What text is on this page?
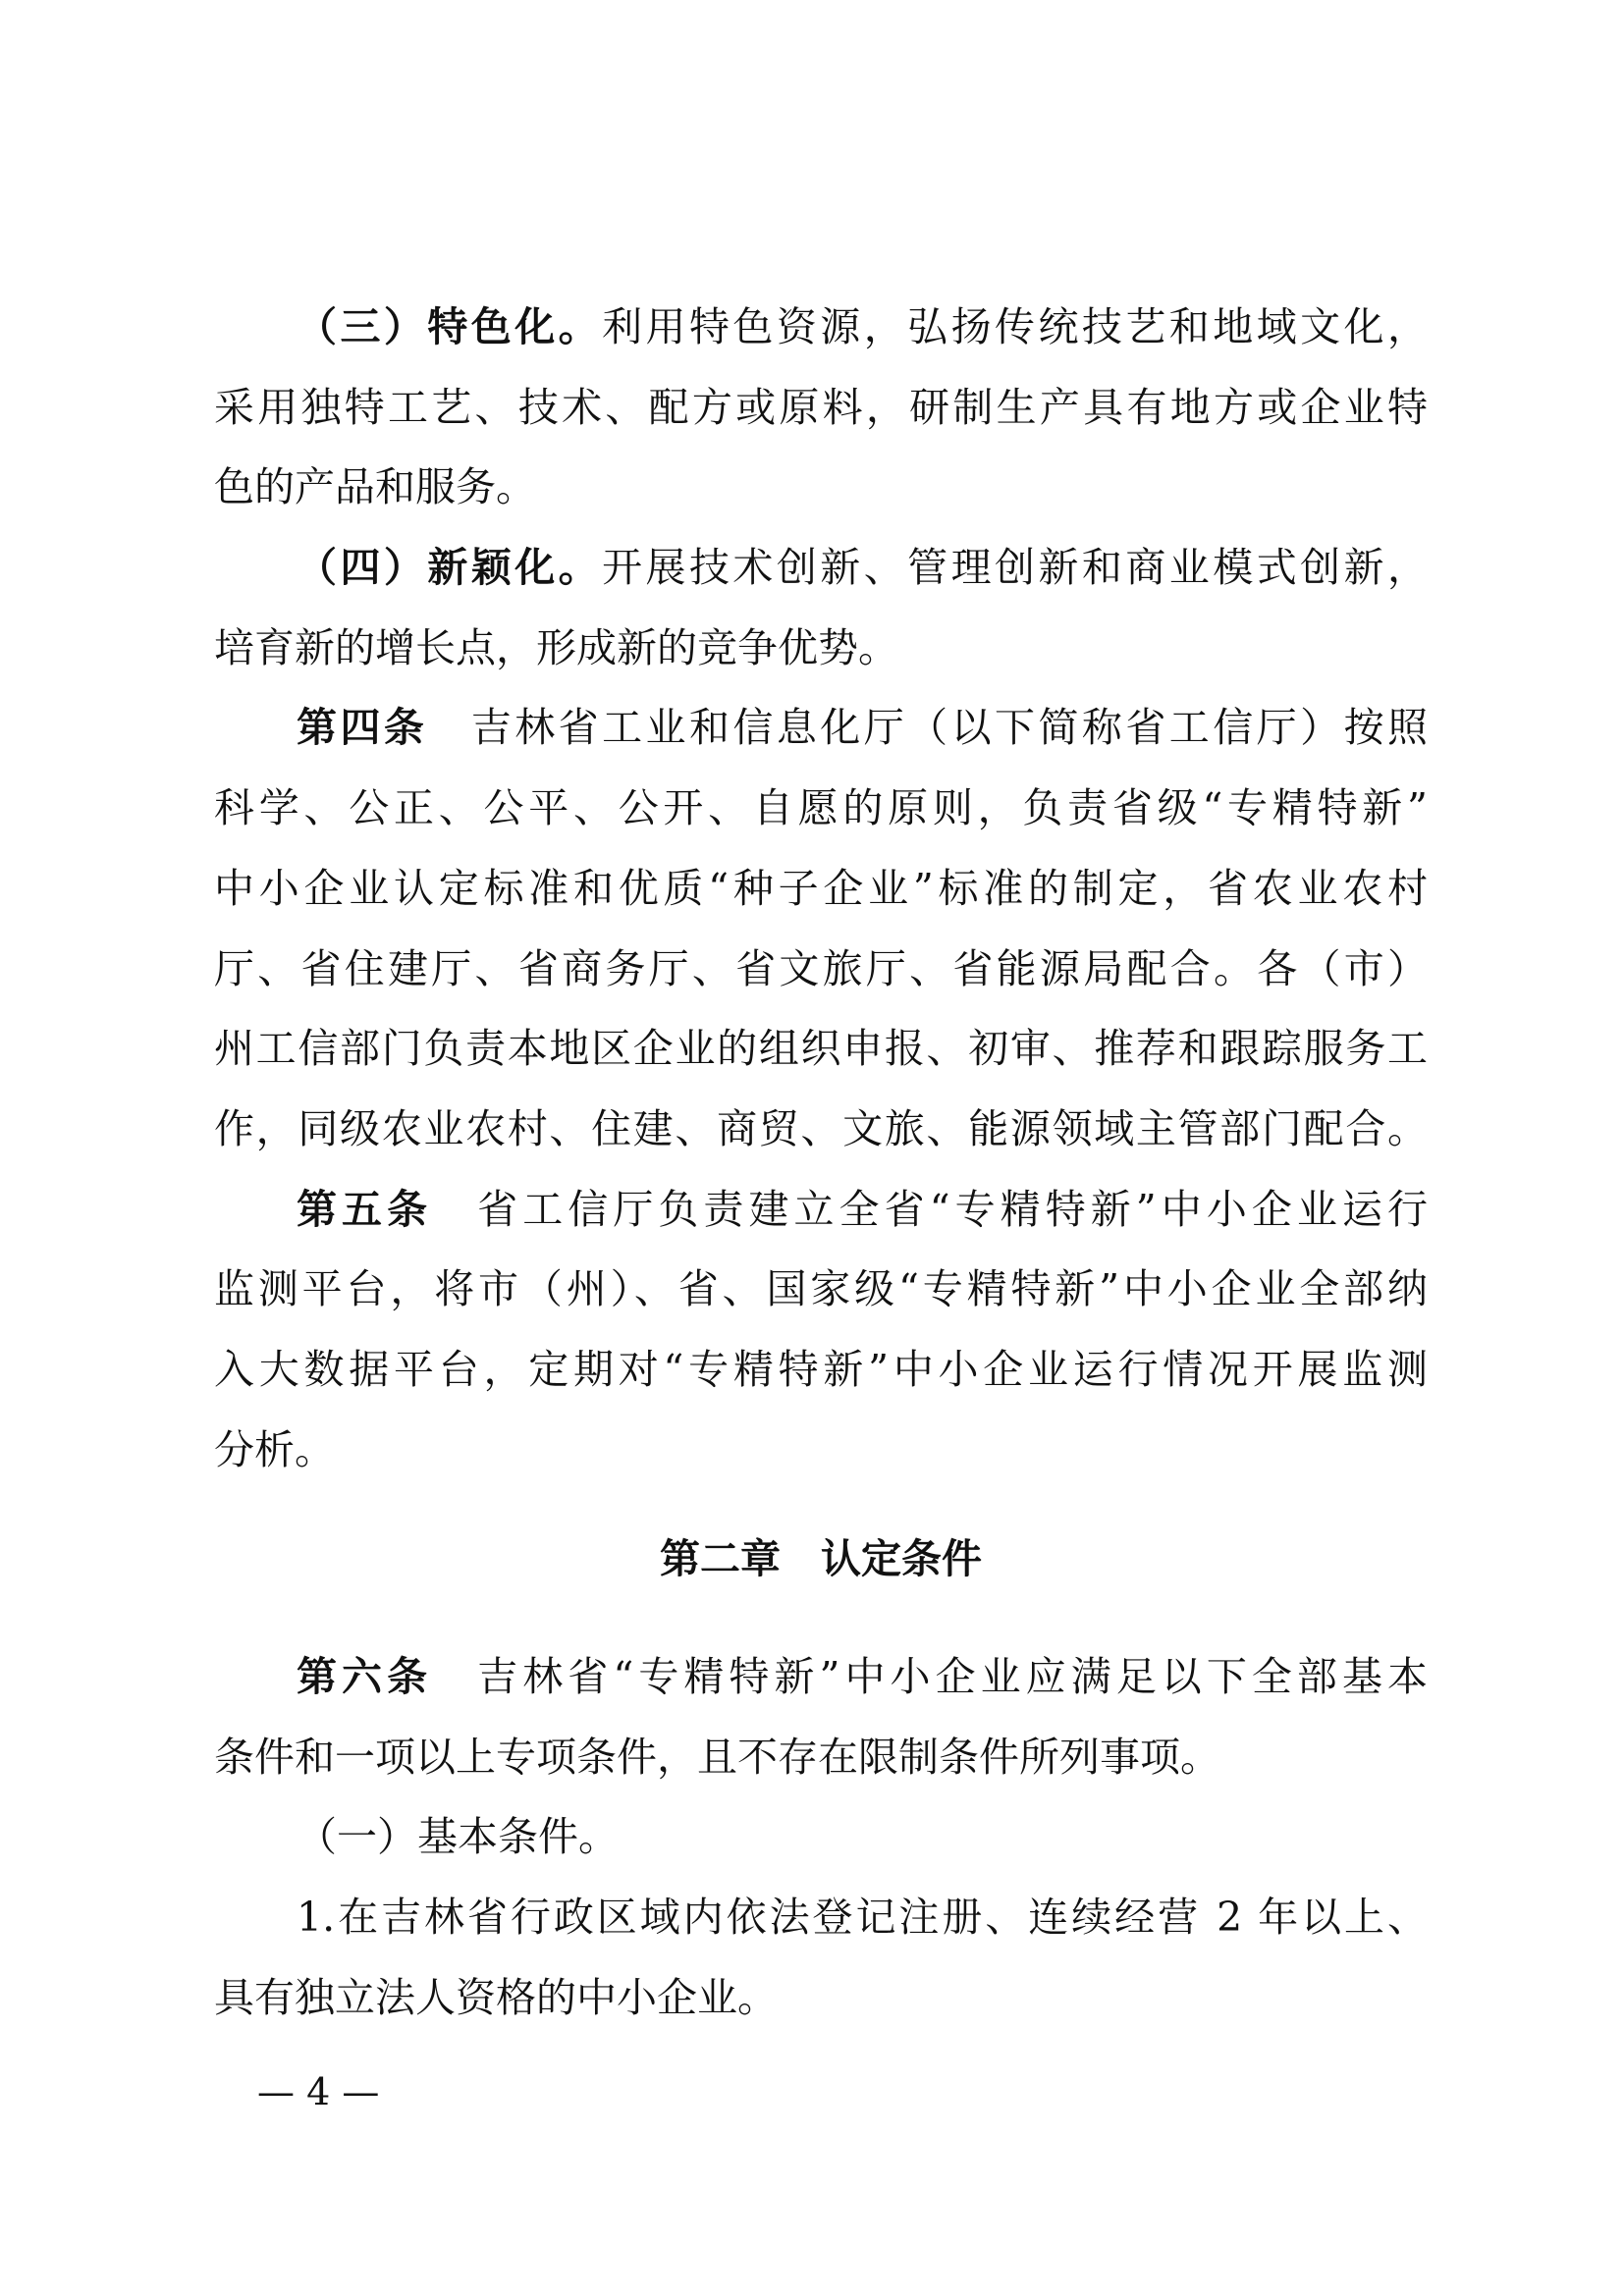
（三）特色化。利用特色资源，弘扬传统技艺和地域文化，
采用独特工艺、技术、配方或原料，研制生产具有地方或企业特
色的产品和服务。
（四）新颖化。开展技术创新、管理创新和商业模式创新，
培育新的增长点，形成新的竞争优势。
第四条　吉林省工业和信息化厅（以下简称省工信厅）按照
科学、公正、公平、公开、自愿的原则，负责省级“专精特新”
中小企业认定标准和优质“种子企业”标准的制定，省农业农村
厅、省住建厅、省商务厅、省文旅厅、省能源局配合。各（市）
州工信部门负责本地区企业的组织申报、初审、推荐和跟踪服务工
作，同级农业农村、住建、商贸、文旅、能源领域主管部门配合。
第五条　省工信厅负责建立全省“专精特新”中小企业运行
监测平台，将市（州）、省、国家级“专精特新”中小企业全部纳
入大数据平台，定期对“专精特新”中小企业运行情况开展监测
分析。
第二章　认定条件
第六条　吉林省“专精特新”中小企业应满足以下全部基本
条件和一项以上专项条件，且不存在限制条件所列事项。
（一）基本条件。
1.在吉林省行政区域内依法登记注册、连续经营 2 年以上、
具有独立法人资格的中小企业。
— 4 —
